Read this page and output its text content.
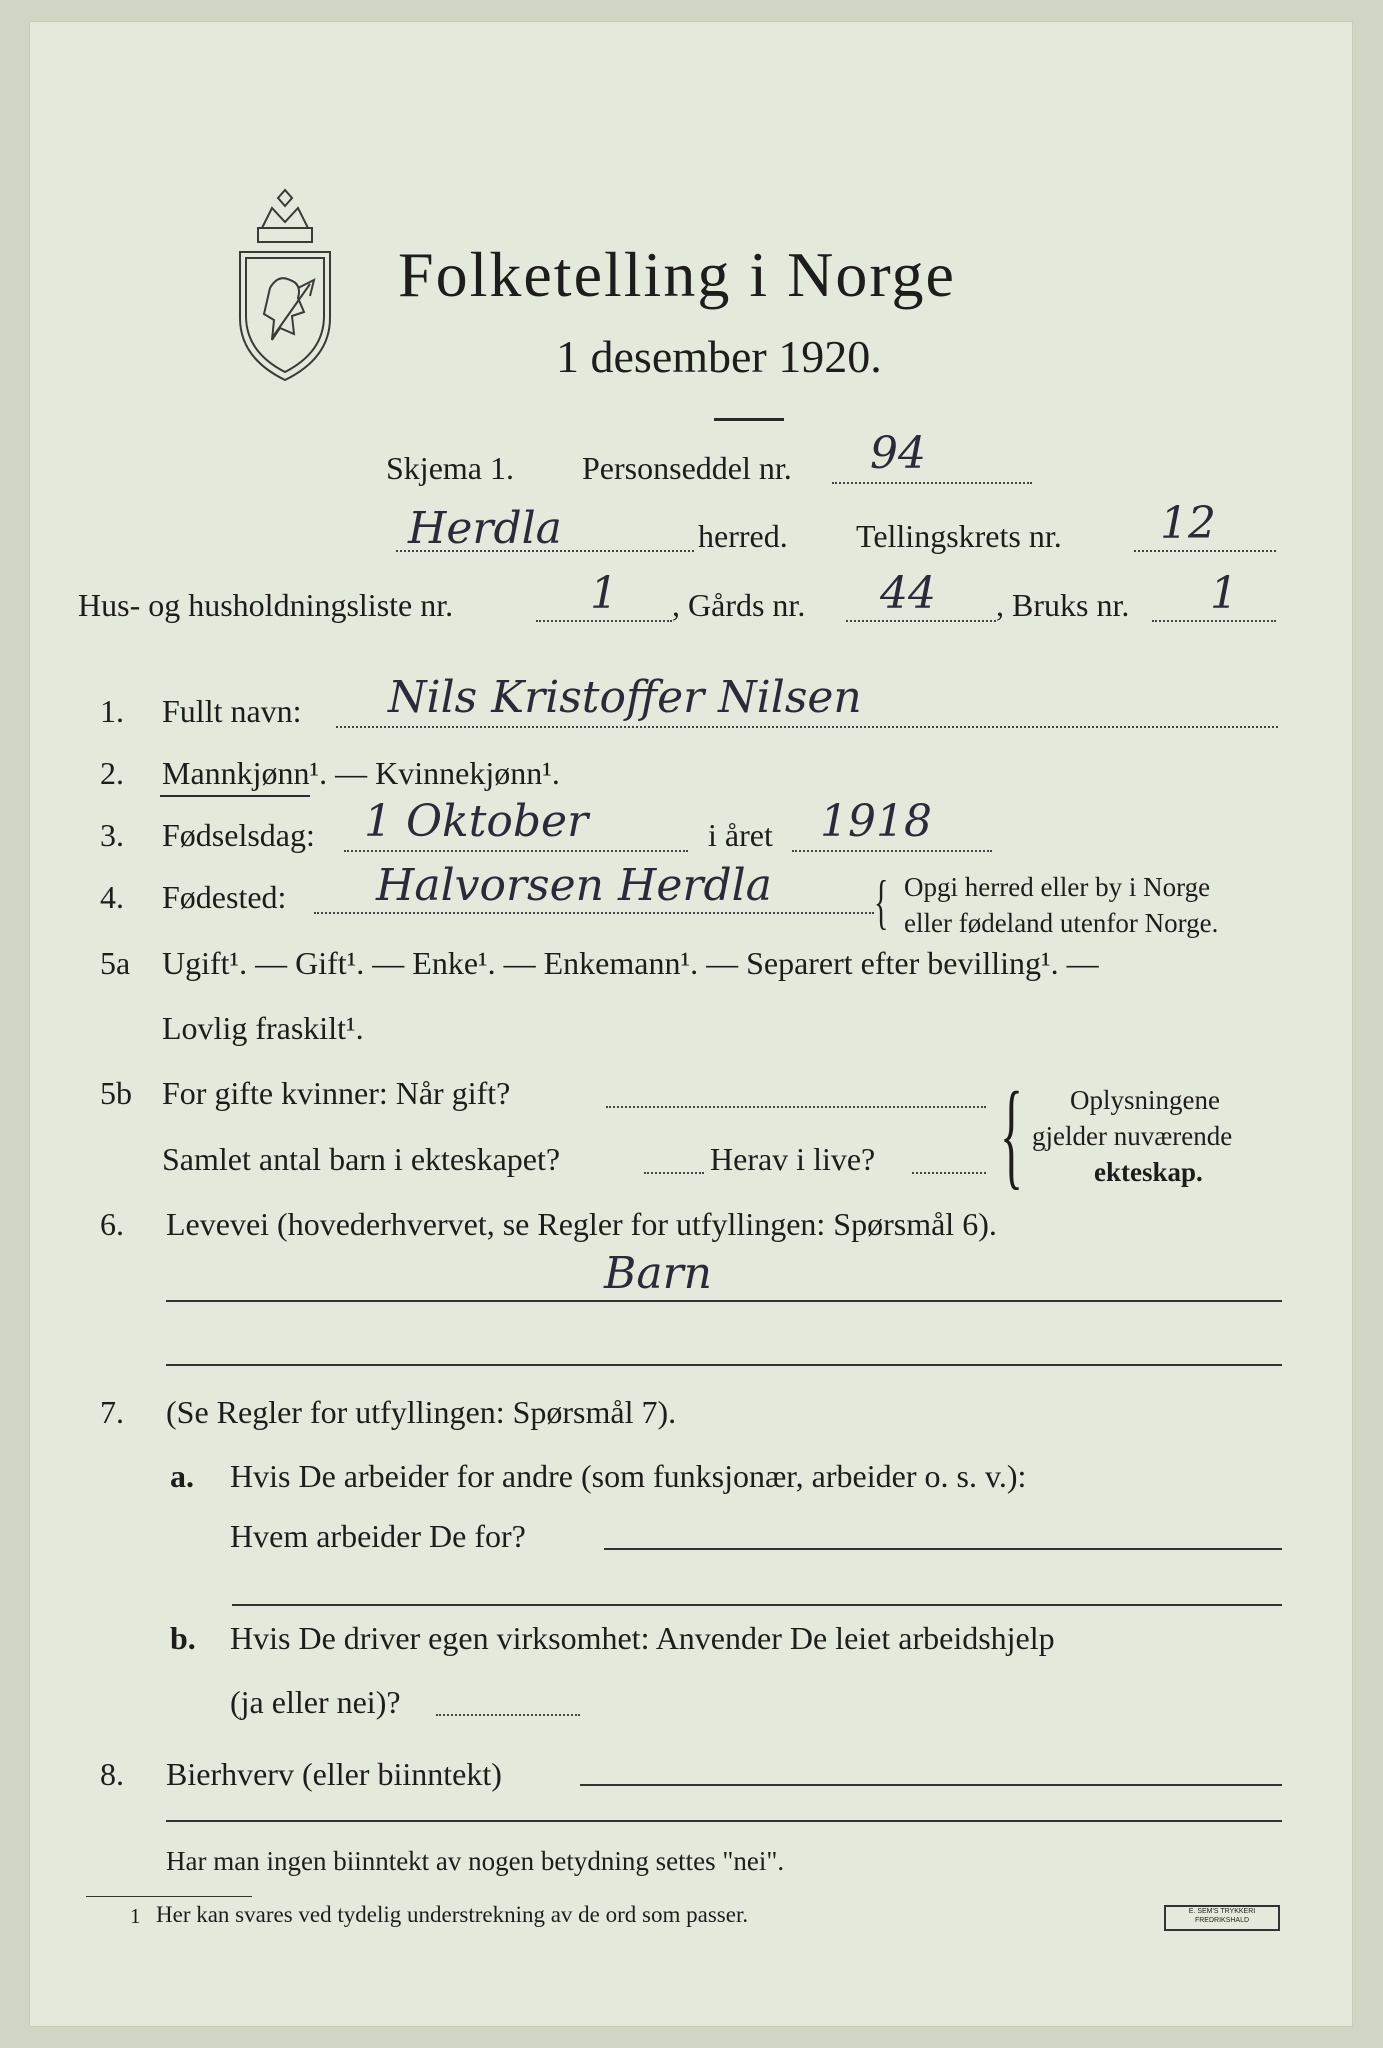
Folketelling i Norge
1 desember 1920.
Skjema 1. Personseddel nr. 94
Herdla	herred. Tellingskrets nr. 12
Hus- og husholdningsliste nr.	1 , Gårds nr. 44 , Bruks nr. 1
1. Fullt navn: Nils Kristoffer Nilsen
2. Mannkjønn¹. — Kvinnekjønn¹.
3. Fødselsdag: 1 Oktober	i året 1918
4. Fødested: Halvorsen Herdla { Opgi herred eller by i Norge
eller fødeland utenfor Norge.
5a Ugift¹. — Gift¹. — Enke¹. — Enkemann¹. — Separert efter bevilling¹. —
Lovlig fraskilt¹.
5b For gifte kvinner: Når gift?
Samlet antal barn i ekteskapet?	Herav i live? { Oplysningene
gjelder nuværende
ekteskap.
6. Levevei (hovederhvervet, se Regler for utfyllingen: Spørsmål 6).
Barn
7. (Se Regler for utfyllingen: Spørsmål 7).
a. Hvis De arbeider for andre (som funksjonær, arbeider o. s. v.):
Hvem arbeider De for?
b. Hvis De driver egen virksomhet: Anvender De leiet arbeidshjelp
(ja eller nei)?
8. Bierhverv (eller biinntekt)
Har man ingen biinntekt av nogen betydning settes "nei".
1 Her kan svares ved tydelig understrekning av de ord som passer.	E. SEM'S TRYKKERI
FREDRIKSHALD
